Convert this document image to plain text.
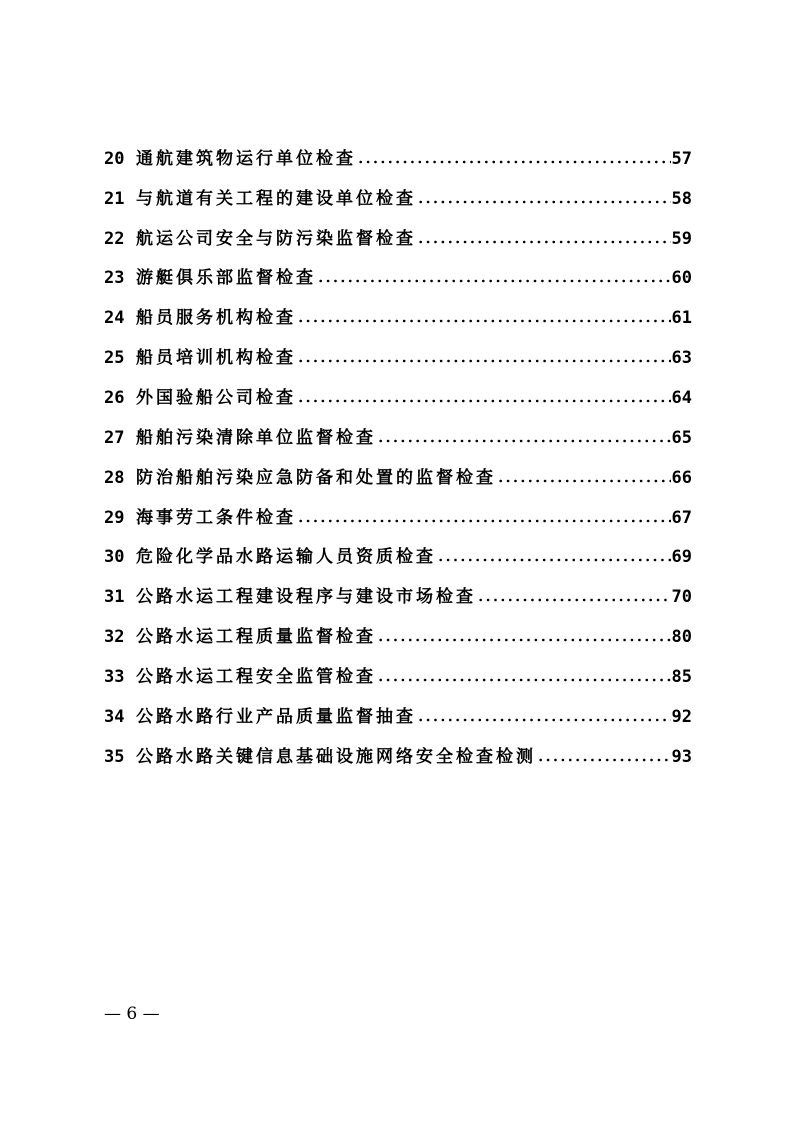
20 通航建筑物运行单位检查	57
21 与航道有关工程的建设单位检查	58
22 航运公司安全与防污染监督检查	59
23 游艇俱乐部监督检查	60
24 船员服务机构检查	61
25 船员培训机构检查	63
26 外国验船公司检查	64
27 船舶污染清除单位监督检查	65
28 防治船舶污染应急防备和处置的监督检查	66
29 海事劳工条件检查	67
30 危险化学品水路运输人员资质检查	69
31 公路水运工程建设程序与建设市场检查	70
32 公路水运工程质量监督检查	80
33 公路水运工程安全监管检查	85
34 公路水路行业产品质量监督抽查	92
35 公路水路关键信息基础设施网络安全检查检测	93
— 6 —
